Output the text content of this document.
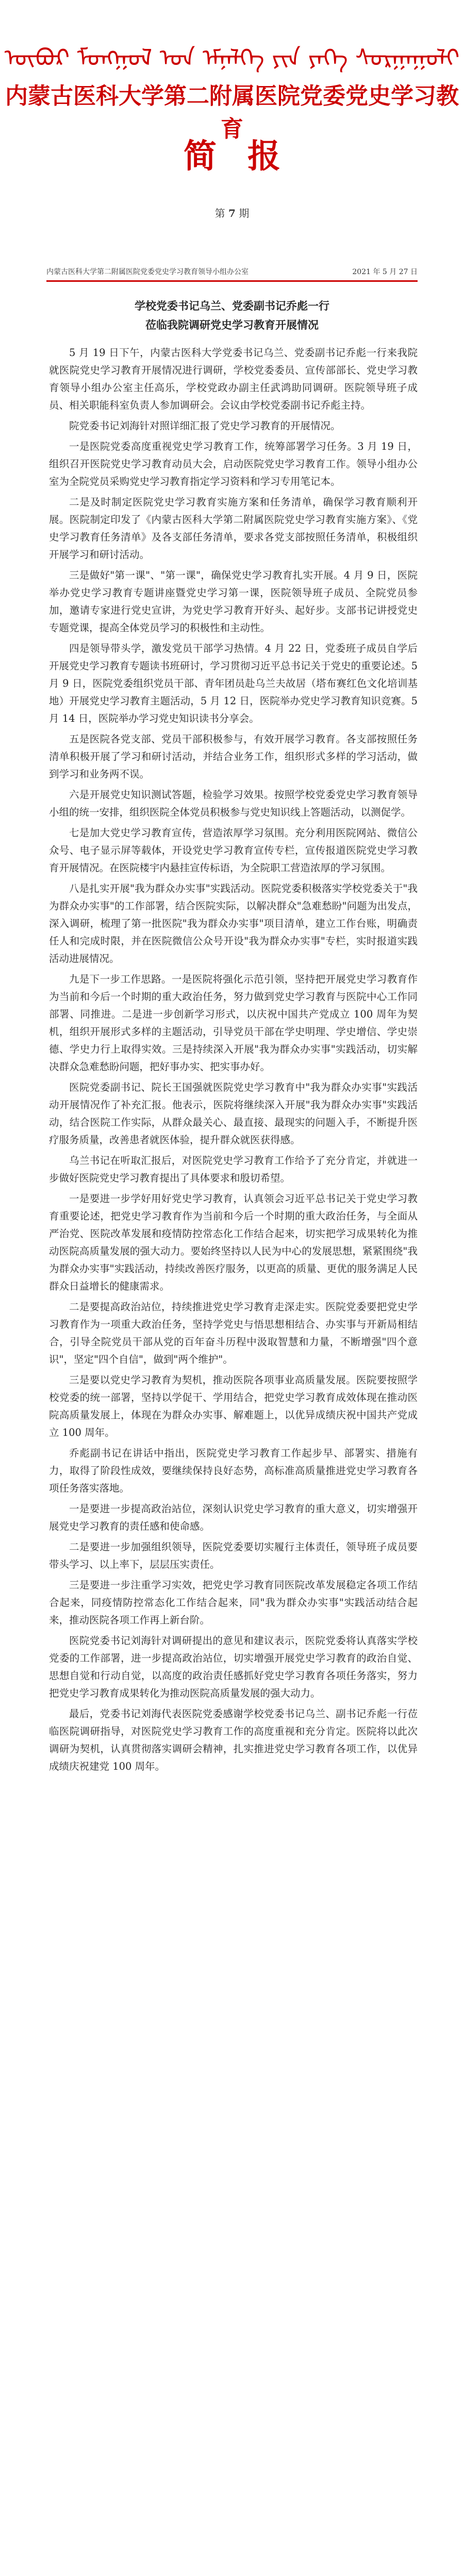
ᠥᠪᠥᠷ ᠮᠣᠩᠭᠣᠯ ᠤᠨ ᠡᠮᠨᠡᠯᠭᠡ ᠶᠢᠨ ᠶᠡᠬᠡ ᠰᠤᠷᠭᠠᠭᠤᠯᠢ
内蒙古医科大学第二附属医院党委党史学习教育
简报
第 7 期
内蒙古医科大学第二附属医院党委党史学习教育领导小组办公室	2021 年 5 月 27 日
学校党委书记乌兰、党委副书记乔彪一行
莅临我院调研党史学习教育开展情况

5 月 19 日下午，内蒙古医科大学党委书记乌兰、党委副书记乔彪一行来我院就医院党史学习教育开展情况进行调研，学校党委委员、宣传部部长、党史学习教育领导小组办公室主任高乐，学校党政办副主任武鸿助同调研。医院领导班子成员、相关职能科室负责人参加调研会。会议由学校党委副书记乔彪主持。

院党委书记刘海针对照详细汇报了党史学习教育的开展情况。

一是医院党委高度重视党史学习教育工作，统筹部署学习任务。3 月 19 日，组织召开医院党史学习教育动员大会，启动医院党史学习教育工作。领导小组办公室为全院党员采购党史学习教育指定学习资料和学习专用笔记本。

二是及时制定医院党史学习教育实施方案和任务清单，确保学习教育顺利开展。医院制定印发了《内蒙古医科大学第二附属医院党史学习教育实施方案》、《党史学习教育任务清单》及各支部任务清单，要求各党支部按照任务清单，积极组织开展学习和研讨活动。

三是做好"第一课"、"第一课"，确保党史学习教育扎实开展。4 月 9 日，医院举办党史学习教育专题讲座暨党史学习第一课，医院领导班子成员、全院党员参加，邀请专家进行党史宣讲，为党史学习教育开好头、起好步。支部书记讲授党史专题党课，提高全体党员学习的积极性和主动性。

四是领导带头学，激发党员干部学习热情。4 月 22 日，党委班子成员自学后开展党史学习教育专题读书班研讨，学习贯彻习近平总书记关于党史的重要论述。5 月 9 日，医院党委组织党员干部、青年团员赴乌兰夫故居（塔布赛红色文化培训基地）开展党史学习教育主题活动，5 月 12 日，医院举办党史学习教育知识竞赛。5 月 14 日，医院举办学习党史知识读书分享会。

五是医院各党支部、党员干部积极参与，有效开展学习教育。各支部按照任务清单积极开展了学习和研讨活动，并结合业务工作，组织形式多样的学习活动，做到学习和业务两不误。

六是开展党史知识测试答题，检验学习效果。按照学校党委党史学习教育领导小组的统一安排，组织医院全体党员积极参与党史知识线上答题活动，以测促学。

七是加大党史学习教育宣传，营造浓厚学习氛围。充分利用医院网站、微信公众号、电子显示屏等载体，开设党史学习教育宣传专栏，宣传报道医院党史学习教育开展情况。在医院楼宇内悬挂宣传标语，为全院职工营造浓厚的学习氛围。

八是扎实开展"我为群众办实事"实践活动。医院党委积极落实学校党委关于"我为群众办实事"的工作部署，结合医院实际，以解决群众"急难愁盼"问题为出发点，深入调研，梳理了第一批医院"我为群众办实事"项目清单，建立工作台账，明确责任人和完成时限，并在医院微信公众号开设"我为群众办实事"专栏，实时报道实践活动进展情况。

九是下一步工作思路。一是医院将强化示范引领，坚持把开展党史学习教育作为当前和今后一个时期的重大政治任务，努力做到党史学习教育与医院中心工作同部署、同推进。二是进一步创新学习形式，以庆祝中国共产党成立 100 周年为契机，组织开展形式多样的主题活动，引导党员干部在学史明理、学史增信、学史崇德、学史力行上取得实效。三是持续深入开展"我为群众办实事"实践活动，切实解决群众急难愁盼问题，把好事办实、把实事办好。

医院党委副书记、院长王国强就医院党史学习教育中"我为群众办实事"实践活动开展情况作了补充汇报。他表示，医院将继续深入开展"我为群众办实事"实践活动，结合医院工作实际，从群众最关心、最直接、最现实的问题入手，不断提升医疗服务质量，改善患者就医体验，提升群众就医获得感。

乌兰书记在听取汇报后，对医院党史学习教育工作给予了充分肯定，并就进一步做好医院党史学习教育提出了具体要求和殷切希望。

一是要进一步学好用好党史学习教育，认真领会习近平总书记关于党史学习教育重要论述，把党史学习教育作为当前和今后一个时期的重大政治任务，与全面从严治党、医院改革发展和疫情防控常态化工作结合起来，切实把学习成果转化为推动医院高质量发展的强大动力。要始终坚持以人民为中心的发展思想，紧紧围绕"我为群众办实事"实践活动，持续改善医疗服务，以更高的质量、更优的服务满足人民群众日益增长的健康需求。

二是要提高政治站位，持续推进党史学习教育走深走实。医院党委要把党史学习教育作为一项重大政治任务，坚持学党史与悟思想相结合、办实事与开新局相结合，引导全院党员干部从党的百年奋斗历程中汲取智慧和力量，不断增强"四个意识"，坚定"四个自信"，做到"两个维护"。

三是要以党史学习教育为契机，推动医院各项事业高质量发展。医院要按照学校党委的统一部署，坚持以学促干、学用结合，把党史学习教育成效体现在推动医院高质量发展上，体现在为群众办实事、解难题上，以优异成绩庆祝中国共产党成立 100 周年。

乔彪副书记在讲话中指出，医院党史学习教育工作起步早、部署实、措施有力，取得了阶段性成效，要继续保持良好态势，高标准高质量推进党史学习教育各项任务落实落地。

一是要进一步提高政治站位，深刻认识党史学习教育的重大意义，切实增强开展党史学习教育的责任感和使命感。

二是要进一步加强组织领导，医院党委要切实履行主体责任，领导班子成员要带头学习、以上率下，层层压实责任。

三是要进一步注重学习实效，把党史学习教育同医院改革发展稳定各项工作结合起来，同疫情防控常态化工作结合起来，同"我为群众办实事"实践活动结合起来，推动医院各项工作再上新台阶。

医院党委书记刘海针对调研提出的意见和建议表示，医院党委将认真落实学校党委的工作部署，进一步提高政治站位，切实增强开展党史学习教育的政治自觉、思想自觉和行动自觉，以高度的政治责任感抓好党史学习教育各项任务落实，努力把党史学习教育成果转化为推动医院高质量发展的强大动力。

最后，党委书记刘海代表医院党委感谢学校党委书记乌兰、副书记乔彪一行莅临医院调研指导，对医院党史学习教育工作的高度重视和充分肯定。医院将以此次调研为契机，认真贯彻落实调研会精神，扎实推进党史学习教育各项工作，以优异成绩庆祝建党 100 周年。
